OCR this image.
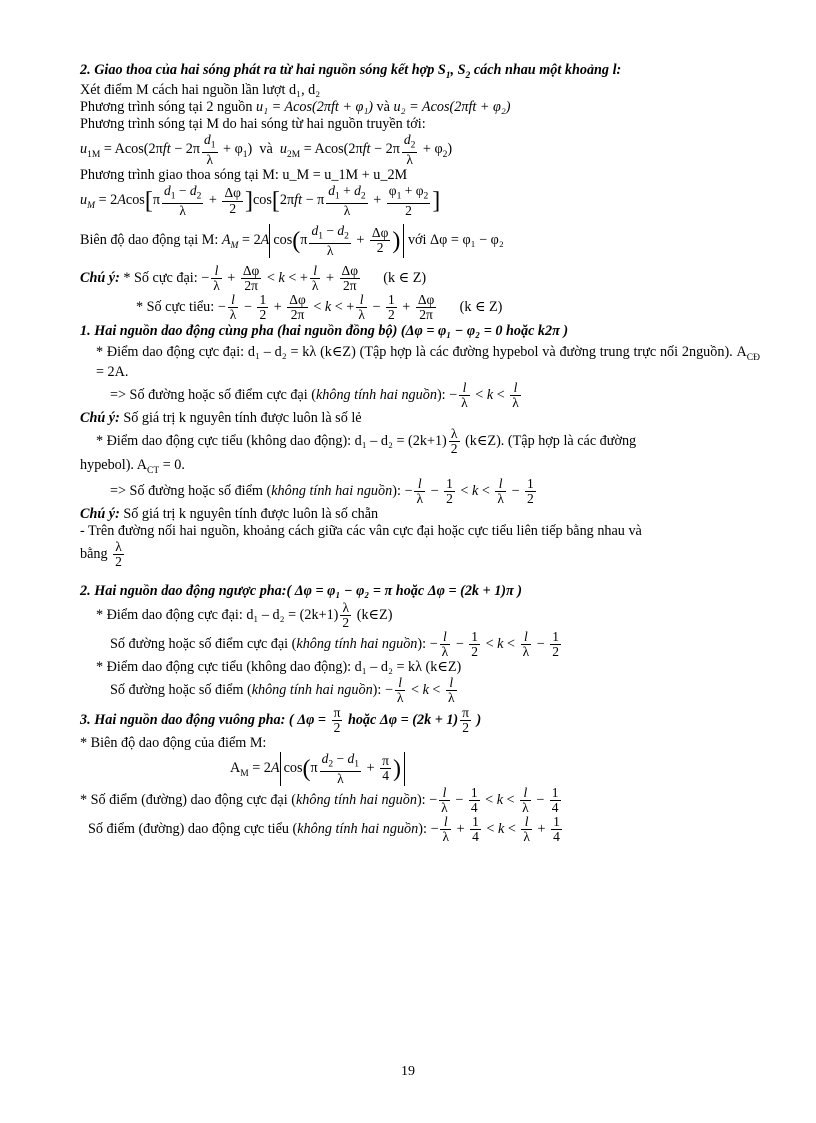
2. Giao thoa của hai sóng phát ra từ hai nguồn sóng kết hợp $S_1$, $S_2$ cách nhau một khoảng l:

Xét điểm M cách hai nguồn lần lượt d₁, d₂

Phương trình sóng tại 2 nguồn u₁ = Acos(2πft + φ₁) và u₂ = Acos(2πft + φ₂)

Phương trình sóng tại M do hai sóng từ hai nguồn truyền tới:

$u_{1M} = Acos(2\pi ft - 2\pi \frac{d_1}{\lambda} + \varphi_1)$  và  $u_{2M} = Acos(2\pi ft - 2\pi \frac{d_2}{\lambda} + \varphi_2)$

Phương trình giao thoa sóng tại M: u_M = u_1M + u_2M

$u_M = 2Acos[\pi \frac{d_1 - d_2}{\lambda} + \frac{\Delta\varphi}{2} ]\cos[2\pi ft - \pi \frac{d_1 + d_2}{\lambda} + \frac{\varphi_1 + \varphi_2}{2}$ ]

Biên độ dao động tại M: $A_M = 2A$ $\cos(\pi \frac{d_1 - d_2}{\lambda} + \frac{\Delta\varphi}{2}$ ) với Δφ = φ₁ − φ₂

Chú ý: * Số cực đại: − $\frac{l}{\lambda} + \frac{\Delta\varphi}{2\pi} < k$ < + $\frac{l}{\lambda} + \frac{\Delta\varphi}{2\pi} (k$ ∈ Z)

* Số cực tiểu: − $\frac{l}{\lambda} - \frac{1}{2} + \frac{\Delta\varphi}{2\pi} < k$ < + $\frac{l}{\lambda} - \frac{1}{2} + \frac{\Delta\varphi}{2\pi} (k$ ∈ Z)

1. Hai nguồn dao động cùng pha (hai nguồn đồng bộ) (Δφ = φ₁ − φ₂ = 0 hoặc k2π )

* Điểm dao động cực đại: d₁ – d₂ = kλ (k∈Z) (Tập hợp là các đường hypebol và đường trung trực nối 2nguồn). $A_{CĐ} = 2A$.

=> Số đường hoặc số điểm cực đại (không tính hai nguồn): − $\frac{l}{\lambda} < k < \frac{l}{\lambda}$

Chú ý: Số giá trị k nguyên tính được luôn là số lẻ

* Điểm dao động cực tiểu (không dao động): $d_1 - d_2 = (2k+1) \frac{\lambda}{2}$ (k∈Z). (Tập hợp là các đường

hypebol). $A_{CT} = 0$.

=> Số đường hoặc số điểm (không tính hai nguồn): − $\frac{l}{\lambda} - \frac{1}{2} < k < \frac{l}{\lambda} - \frac{1}{2}$

Chú ý: Số giá trị k nguyên tính được luôn là số chẵn

- Trên đường nối hai nguồn, khoảng cách giữa các vân cực đại hoặc cực tiểu liên tiếp bằng nhau và

bằng $\frac{\lambda}{2}$

2. Hai nguồn dao động ngược pha:( Δφ = φ₁ − φ₂ = π hoặc Δφ = (2k + 1)π )

* Điểm dao động cực đại: $d_1 - d_2 = (2k+1) \frac{\lambda}{2}$ (k∈Z)

Số đường hoặc số điểm cực đại (không tính hai nguồn): − $\frac{l}{\lambda} - \frac{1}{2} < k < \frac{l}{\lambda} - \frac{1}{2}$

* Điểm dao động cực tiểu (không dao động): d₁ – d₂ = kλ (k∈Z)

Số đường hoặc số điểm (không tính hai nguồn): − $\frac{l}{\lambda} < k < \frac{l}{\lambda}$

3. Hai nguồn dao động vuông pha: ( $\Delta\varphi = \frac{\pi}{2}$ hoặc $\Delta\varphi = (2k + 1) \frac{\pi}{2}$ )

* Biên độ dao động của điểm M:

$A_M = 2A$ $\cos(\pi \frac{d_2 - d_1}{\lambda} + \frac{\pi}{4}$ )

* Số điểm (đường) dao động cực đại (không tính hai nguồn): − $\frac{l}{\lambda} - \frac{1}{4} < k < \frac{l}{\lambda} - \frac{1}{4}$

Số điểm (đường) dao động cực tiểu (không tính hai nguồn): − $\frac{l}{\lambda} + \frac{1}{4} < k < \frac{l}{\lambda} + \frac{1}{4}$

19
